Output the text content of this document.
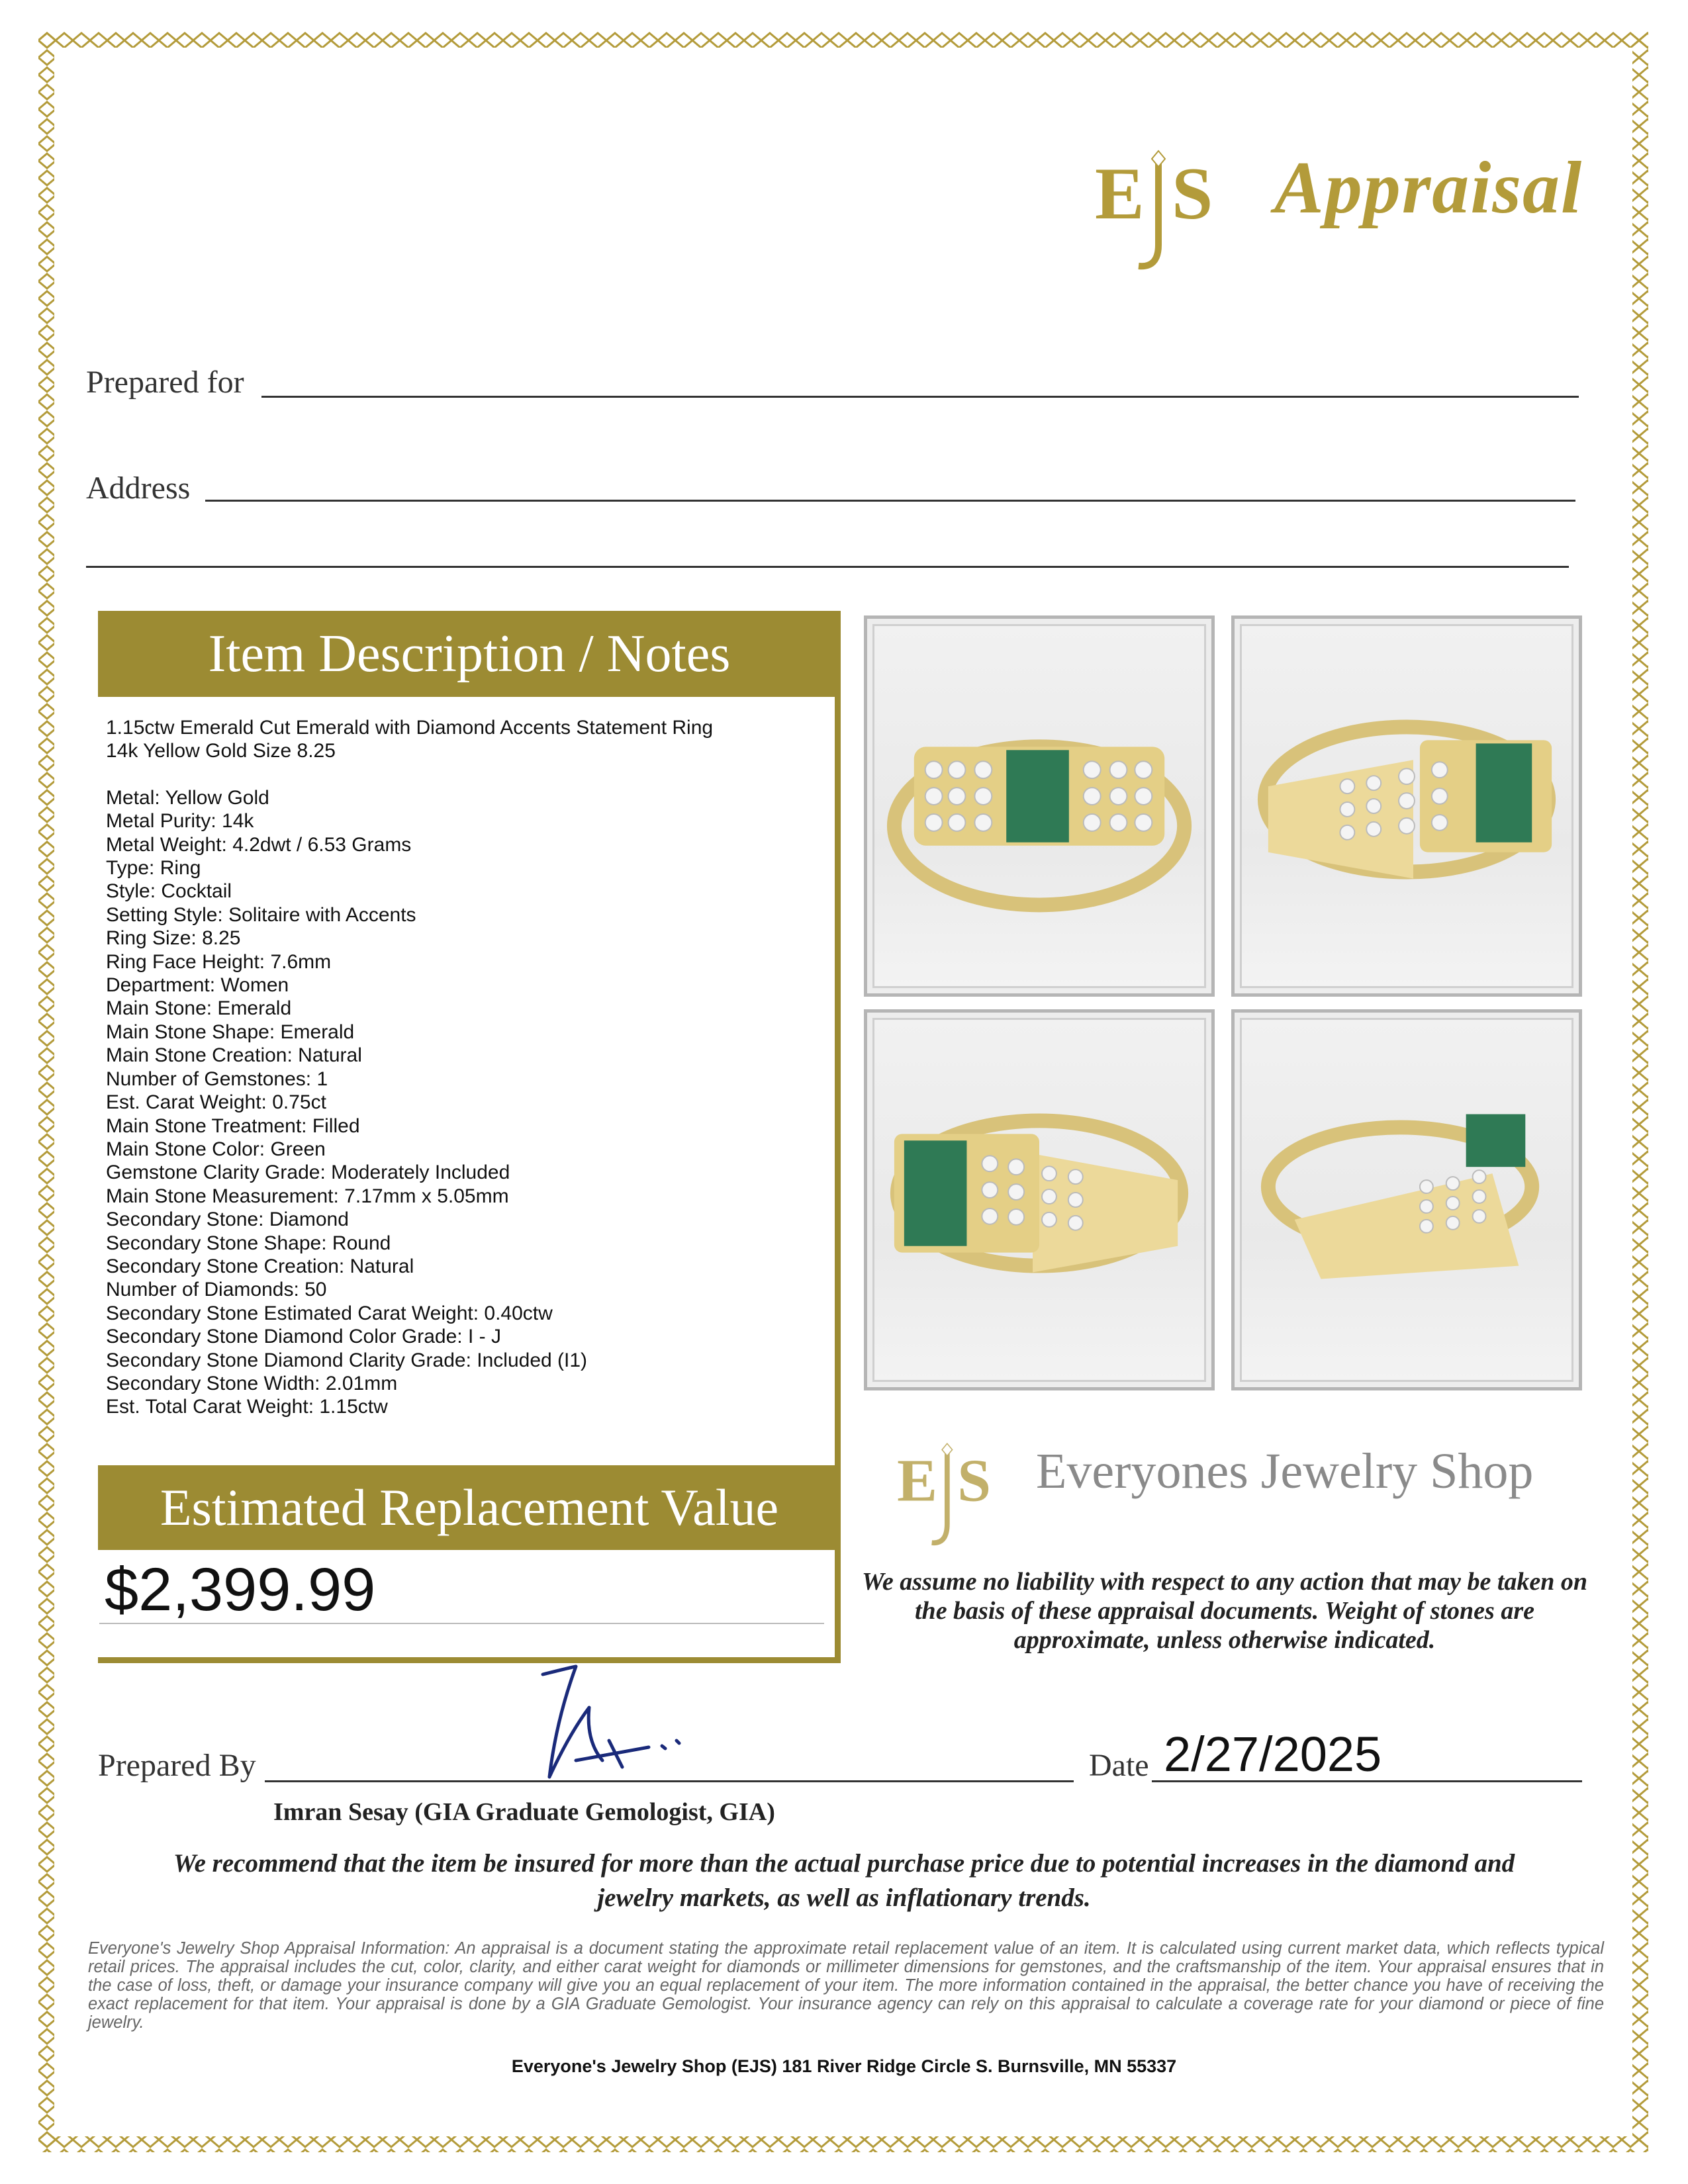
E S Appraisal
Prepared for
Address
Item Description / Notes
1.15ctw Emerald Cut Emerald with Diamond Accents Statement Ring
14k Yellow Gold Size 8.25
Metal: Yellow Gold
Metal Purity: 14k
Metal Weight: 4.2dwt / 6.53 Grams
Type: Ring
Style: Cocktail
Setting Style: Solitaire with Accents
Ring Size: 8.25
Ring Face Height: 7.6mm
Department: Women
Main Stone: Emerald
Main Stone Shape: Emerald
Main Stone Creation: Natural
Number of Gemstones: 1
Est. Carat Weight: 0.75ct
Main Stone Treatment: Filled
Main Stone Color: Green
Gemstone Clarity Grade: Moderately Included
Main Stone Measurement: 7.17mm x 5.05mm
Secondary Stone: Diamond
Secondary Stone Shape: Round
Secondary Stone Creation: Natural
Number of Diamonds: 50
Secondary Stone Estimated Carat Weight: 0.40ctw
Secondary Stone Diamond Color Grade: I - J
Secondary Stone Diamond Clarity Grade: Included (I1)
Secondary Stone Width: 2.01mm
Est. Total Carat Weight: 1.15ctw
Estimated Replacement Value
$2,399.99
E S Everyones Jewelry Shop
We assume no liability with respect to any action that may be taken on the basis of these appraisal documents. Weight of stones are approximate, unless otherwise indicated.
Prepared By
Imran Sesay (GIA Graduate Gemologist, GIA)
Date 2/27/2025
We recommend that the item be insured for more than the actual purchase price due to potential increases in the diamond and jewelry markets, as well as inflationary trends.
Everyone's Jewelry Shop Appraisal Information: An appraisal is a document stating the approximate retail replacement value of an item. It is calculated using current market data, which reflects typical retail prices. The appraisal includes the cut, color, clarity, and either carat weight for diamonds or millimeter dimensions for gemstones, and the craftsmanship of the item. Your appraisal ensures that in the case of loss, theft, or damage your insurance company will give you an equal replacement of your item. The more information contained in the appraisal, the better chance you have of receiving the exact replacement for that item. Your appraisal is done by a GIA Graduate Gemologist. Your insurance agency can rely on this appraisal to calculate a coverage rate for your diamond or piece of fine jewelry.
Everyone's Jewelry Shop (EJS) 181 River Ridge Circle S. Burnsville, MN 55337
